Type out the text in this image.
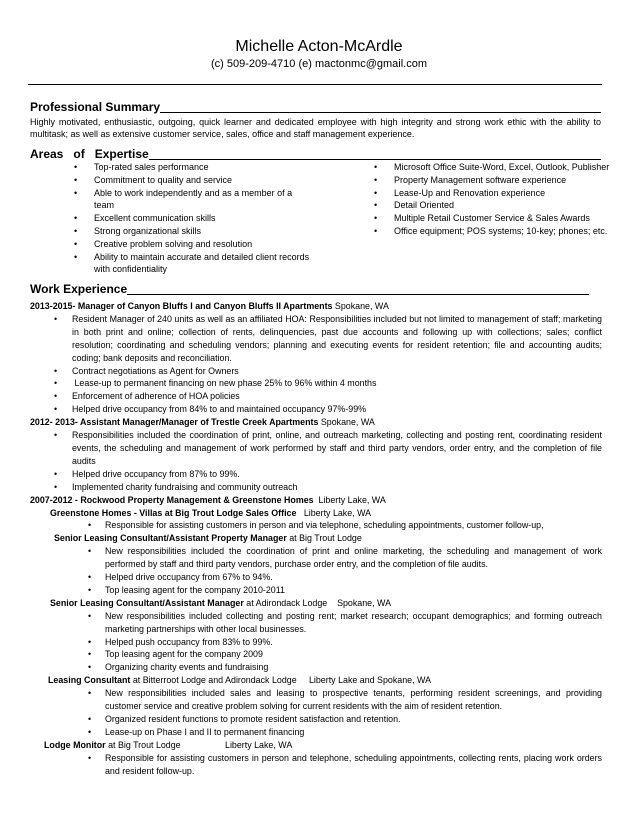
Michelle Acton-McArdle
(c) 509-209-4710 (e) mactonmc@gmail.com
Professional Summary
Highly motivated, enthusiastic, outgoing, quick learner and dedicated employee with high integrity and strong work ethic with the ability to multitask; as well as extensive customer service, sales, office and staff management experience.
Areas   of   Expertise
• Top-rated sales performance
• Commitment to quality and service
• Able to work independently and as a member of a team
• Excellent communication skills
• Strong organizational skills
• Creative problem solving and resolution
• Ability to maintain accurate and detailed client records with confidentiality
• Microsoft Office Suite-Word, Excel, Outlook, Publisher
• Property Management software experience
• Lease-Up and Renovation experience
• Detail Oriented
• Multiple Retail Customer Service & Sales Awards
• Office equipment; POS systems; 10-key; phones; etc.
Work Experience
2013-2015- Manager of Canyon Bluffs I and Canyon Bluffs II Apartments Spokane, WA
• Resident Manager of 240 units as well as an affiliated HOA: Responsibilities included but not limited to management of staff; marketing in both print and online; collection of rents, delinquencies, past due accounts and following up with collections; sales; conflict resolution; coordinating and scheduling vendors; planning and executing events for resident retention; file and accounting audits; coding; bank deposits and reconciliation.
• Contract negotiations as Agent for Owners
•  Lease-up to permanent financing on new phase 25% to 96% within 4 months
• Enforcement of adherence of HOA policies
• Helped drive occupancy from 84% to and maintained occupancy 97%-99%
2012- 2013- Assistant Manager/Manager of Trestle Creek Apartments Spokane, WA
• Responsibilities included the coordination of print, online, and outreach marketing, collecting and posting rent, coordinating resident events, the scheduling and management of work performed by staff and third party vendors, order entry, and the completion of file audits
• Helped drive occupancy from 87% to 99%.
• Implemented charity fundraising and community outreach
2007-2012 - Rockwood Property Management & Greenstone Homes  Liberty Lake, WA
Greenstone Homes - Villas at Big Trout Lodge Sales Office   Liberty Lake, WA
• Responsible for assisting customers in person and via telephone, scheduling appointments, customer follow-up,
Senior Leasing Consultant/Assistant Property Manager at Big Trout Lodge
• New responsibilities included the coordination of print and online marketing, the scheduling and management of work performed by staff and third party vendors, purchase order entry, and the completion of file audits.
• Helped drive occupancy from 67% to 94%.
• Top leasing agent for the company 2010-2011
Senior Leasing Consultant/Assistant Manager at Adirondack Lodge    Spokane, WA
• New responsibilities included collecting and posting rent; market research; occupant demographics; and forming outreach marketing partnerships with other local businesses.
• Helped push occupancy from 83% to 99%.
• Top leasing agent for the company 2009
• Organizing charity events and fundraising
Leasing Consultant at Bitterroot Lodge and Adirondack Lodge     Liberty Lake and Spokane, WA
• New responsibilities included sales and leasing to prospective tenants, performing resident screenings, and providing customer service and creative problem solving for current residents with the aim of resident retention.
• Organized resident functions to promote resident satisfaction and retention.
• Lease-up on Phase I and II to permanent financing
Lodge Monitor at Big Trout Lodge                  Liberty Lake, WA
• Responsible for assisting customers in person and telephone, scheduling appointments, collecting rents, placing work orders and resident follow-up.
